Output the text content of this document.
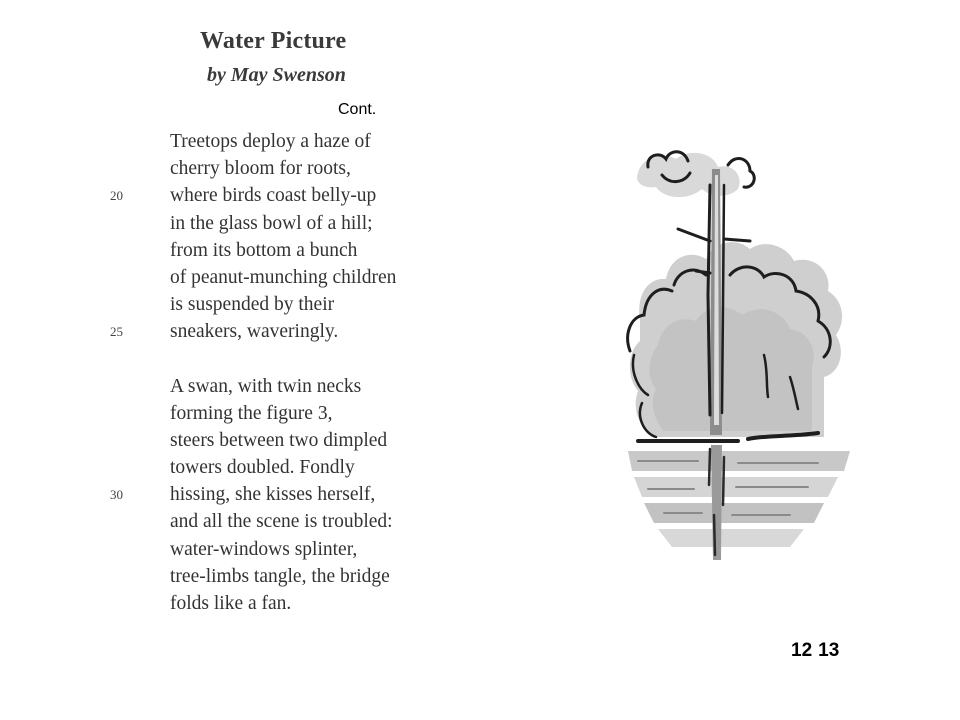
Water Picture
by May Swenson
Cont.
Treetops deploy a haze of
cherry bloom for roots,
20 where birds coast belly-up
in the glass bowl of a hill;
from its bottom a bunch
of peanut-munching children
is suspended by their
25 sneakers, waveringly.
A swan, with twin necks
forming the figure 3,
steers between two dimpled
towers doubled. Fondly
30 hissing, she kisses herself,
and all the scene is troubled:
water-windows splinter,
tree-limbs tangle, the bridge
folds like a fan.
12 13
